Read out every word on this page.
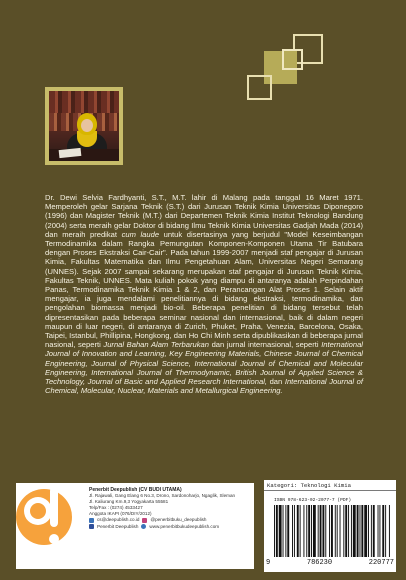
Dr. Dewi Selvia Fardhyanti, S.T., M.T. lahir di Malang pada tanggal 16 Maret 1971. Memperoleh gelar Sarjana Teknik (S.T.) dari Jurusan Teknik Kimia Universitas Diponegoro (1996) dan Magister Teknik (M.T.) dari Departemen Teknik Kimia Institut Teknologi Bandung (2004) serta meraih gelar Doktor di bidang Ilmu Teknik Kimia Universitas Gadjah Mada (2014) dan meraih predikat cum laude untuk disertasinya yang berjudul "Model Keseimbangan Termodinamika dalam Rangka Pemungutan Komponen-Komponen Utama Tir Batubara dengan Proses Ekstraksi Cair-Cair". Pada tahun 1999-2007 menjadi staf pengajar di Jurusan Kimia, Fakultas Matematika dan Ilmu Pengetahuan Alam, Universitas Negeri Semarang (UNNES). Sejak 2007 sampai sekarang merupakan staf pengajar di Jurusan Teknik Kimia, Fakultas Teknik, UNNES. Mata kuliah pokok yang diampu di antaranya adalah Perpindahan Panas, Termodinamika Teknik Kimia 1 & 2, dan Perancangan Alat Proses 1. Selain aktif mengajar, ia juga mendalami penelitiannya di bidang ekstraksi, termodinamika, dan pengolahan biomassa menjadi bio-oil. Beberapa penelitian di bidang tersebut telah dipresentasikan pada beberapa seminar nasional dan internasional, baik di dalam negeri maupun di luar negeri, di antaranya di Zurich, Phuket, Praha, Venezia, Barcelona, Osaka, Taipei, Istanbul, Phillipina, Hongkong, dan Ho Chi Minh serta dipublikasikan di beberapa jurnal nasional, seperti Jurnal Bahan Alam Terbarukan dan jurnal internasional, seperti International Journal of Innovation and Learning, Key Engineering Materials, Chinese Journal of Chemical Engineering, Journal of Physical Science, International Journal of Chemical and Molecular Engineering, International Journal of Thermodynamic, British Journal of Applied Science & Technology, Journal of Basic and Applied Research International, dan International Journal of Chemical, Molecular, Nuclear, Materials and Metallurgical Engineering.

Penerbit Deepublish (CV BUDI UTAMA)
Jl. Rajawali, Gang Elang 6 No.3, Drono, Sardonoharjo, Ngaglik, Sleman
Jl. Kaliurang Km.9,3 Yogyakarta 55581
Telp/Fax : (0274) 4533427
Anggota IKAPI (076/DIY/2012)
cs@deepublish.co.id @penerbitbuku_deepublish
Penerbit Deepublish www.penerbitbukudeepublish.com
Kategori: Teknologi Kimia
ISBN 978-623-02-2077-7 (PDF)
9	786230	220777
